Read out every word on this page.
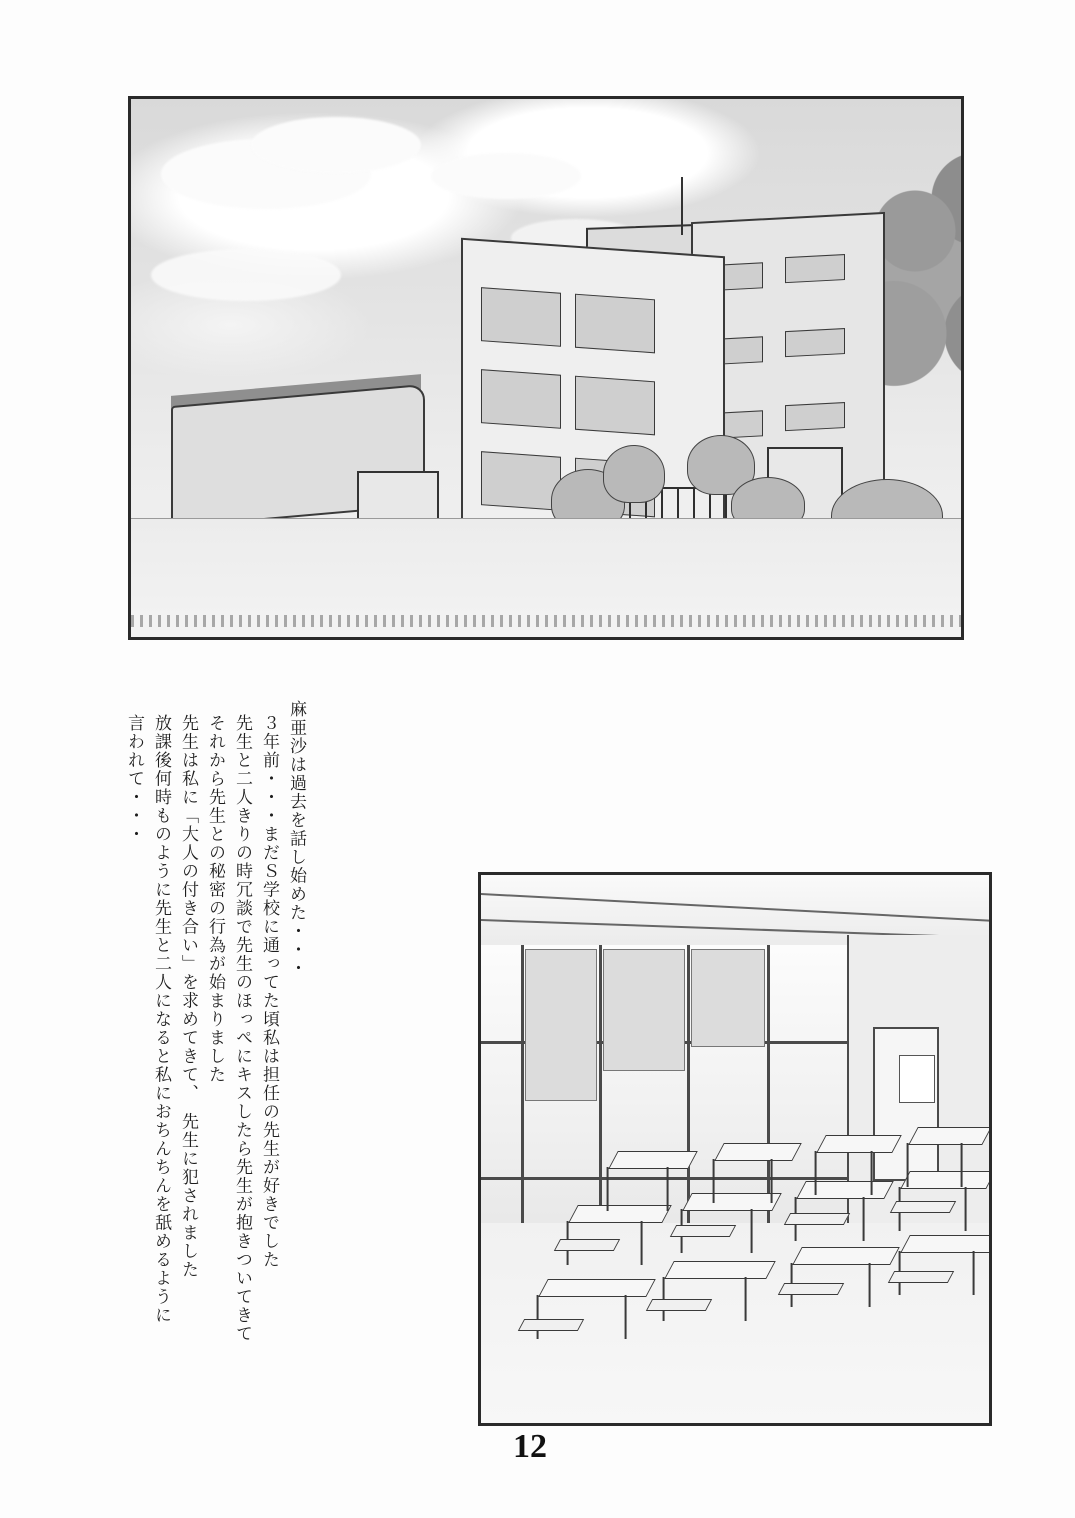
麻亜沙は過去を話し始めた・・・
３年前・・・まだＳ学校に通ってた頃私は担任の先生が好きでした
先生と二人きりの時冗談で先生のほっぺにキスしたら先生が抱きついてきて
それから先生との秘密の行為が始まりました
先生は私に「大人の付き合い」を求めてきて、　先生に犯されました
放課後何時ものように先生と二人になると私におちんちんを舐めるように
言われて・・・
12
